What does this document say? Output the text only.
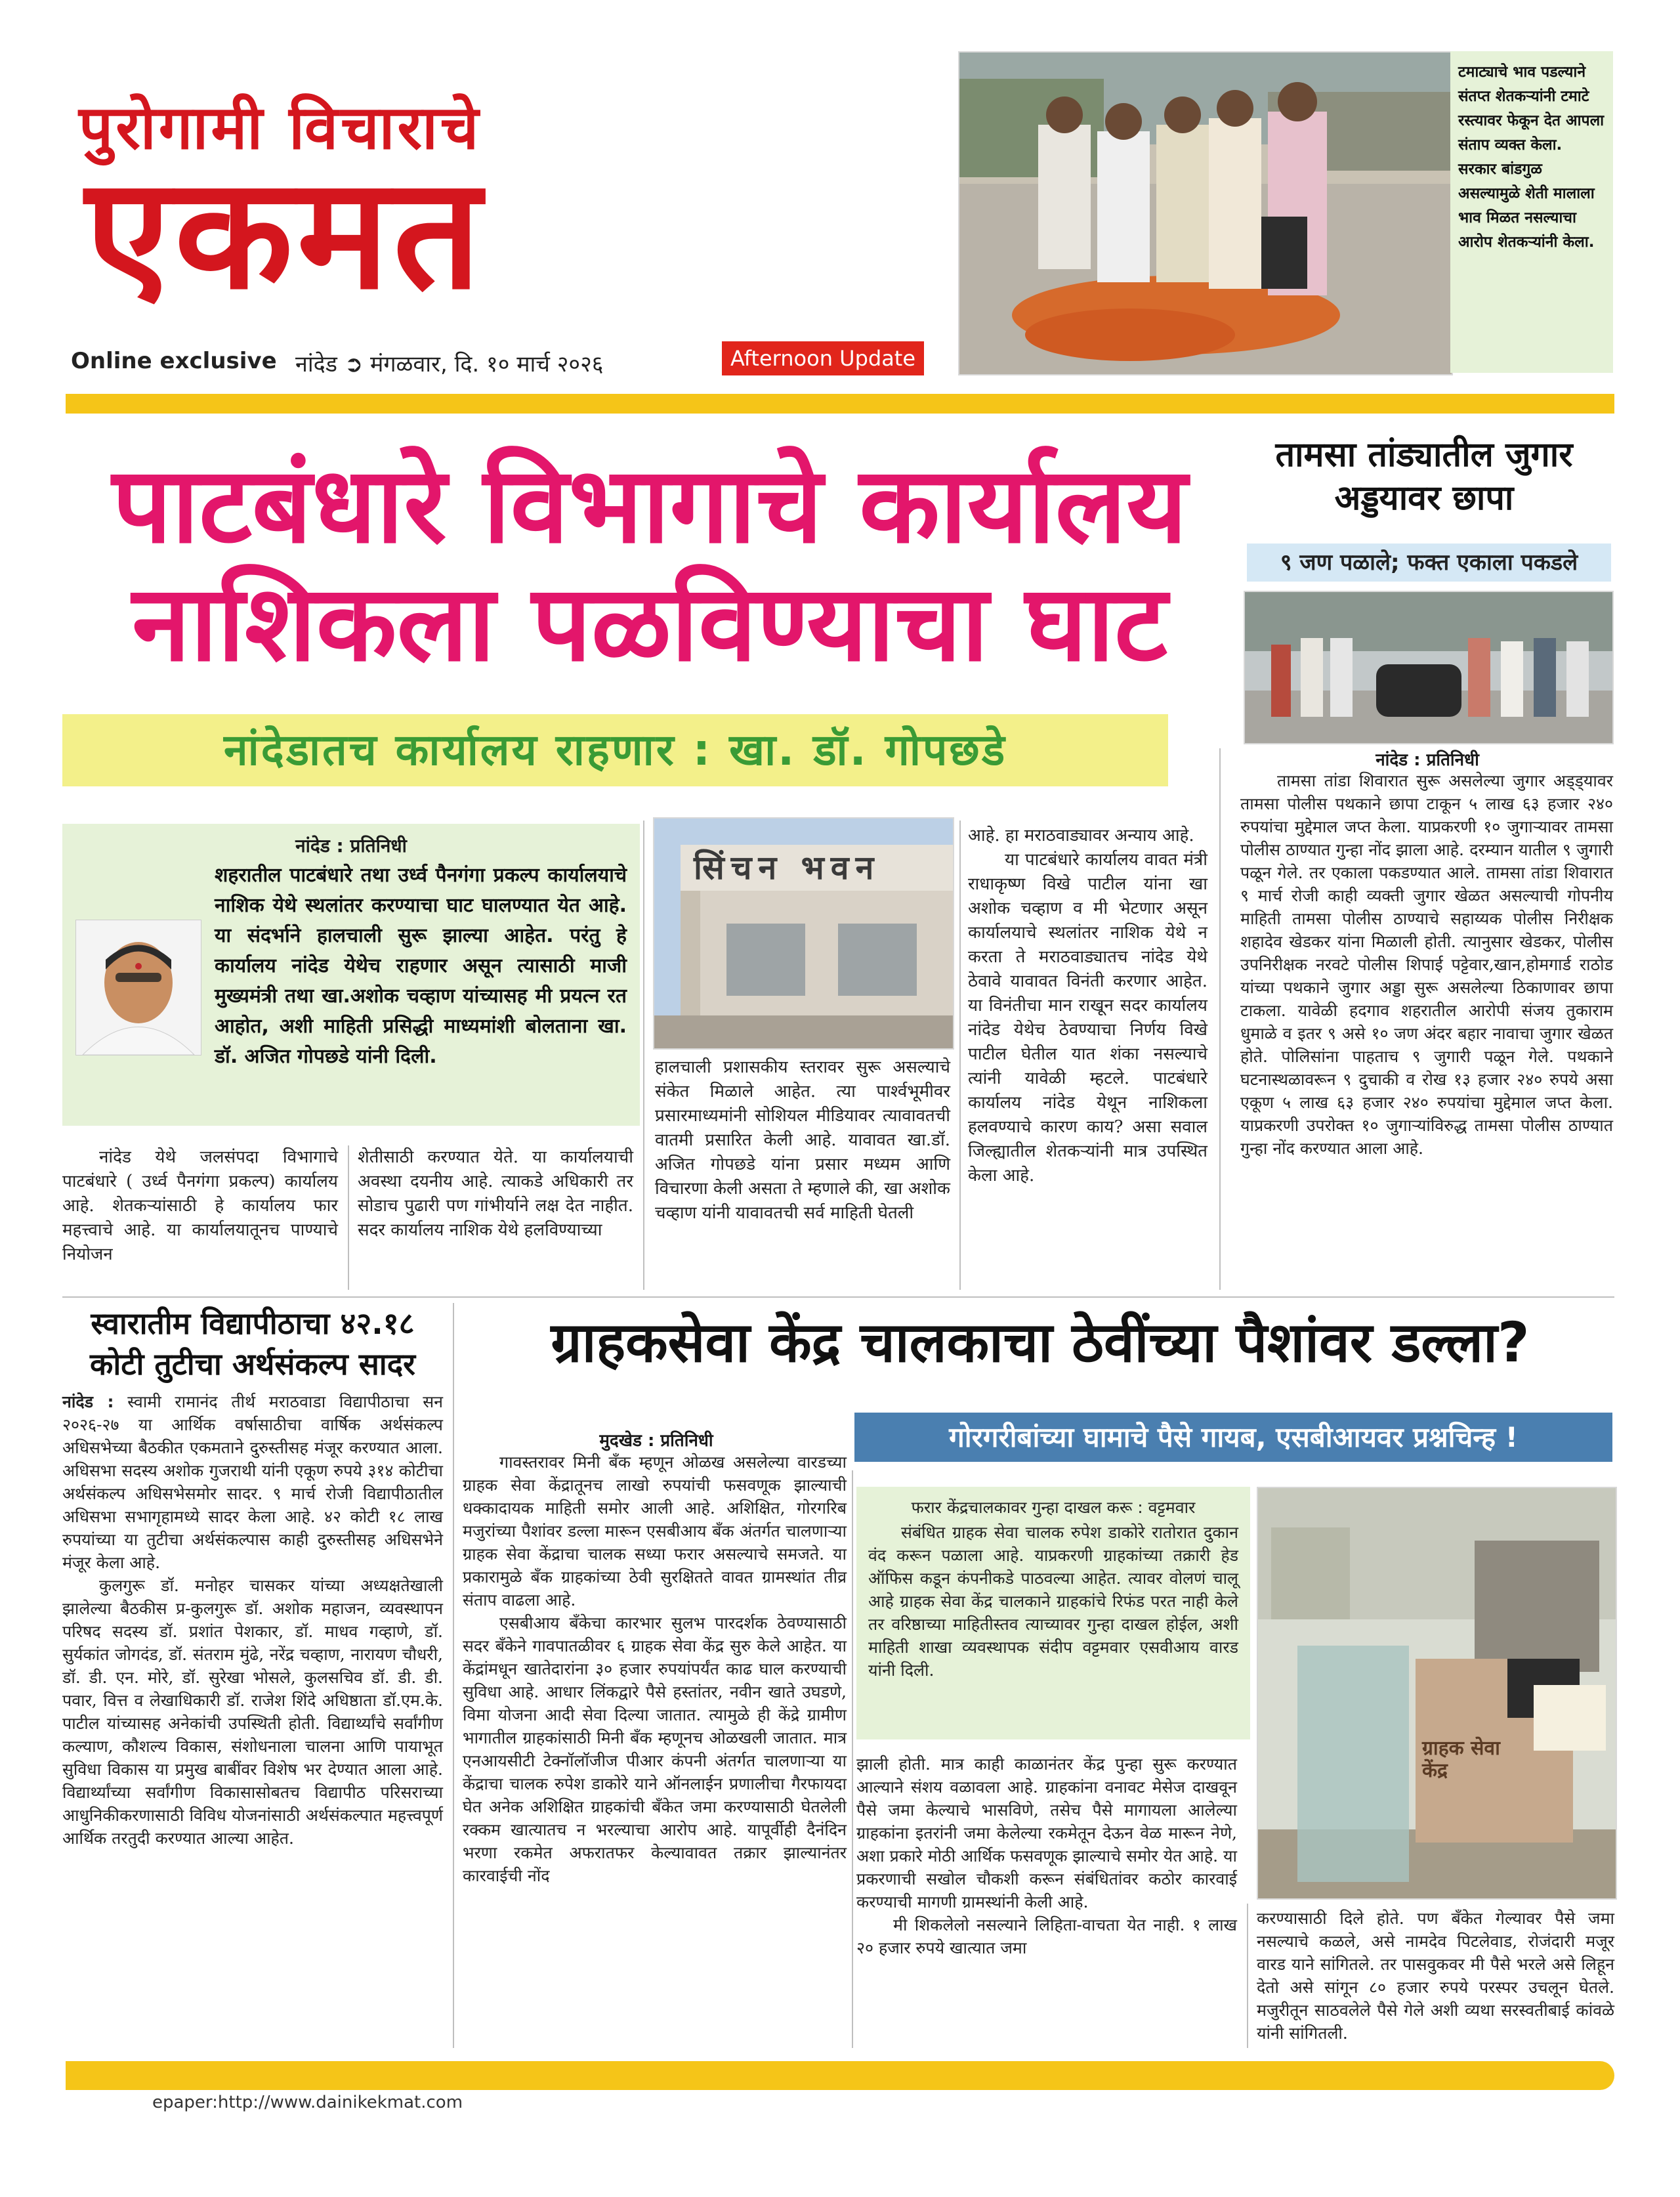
पुरोगामी विचाराचे
एकमत
Online exclusive नांदेड ➲ मंगळवार, दि. १० मार्च २०२६	Afternoon Update
टमाट्याचे भाव पडल्याने संतप्त शेतकऱ्यांनी टमाटे रस्त्यावर फेकून देत आपला संताप व्यक्त केला. सरकार बांडगुळ असल्यामुळे शेती मालाला भाव मिळत नसल्याचा आरोप शेतकऱ्यांनी केला.
पाटबंधारे विभागाचे कार्यालय
नाशिकला पळविण्याचा घाट
नांदेडातच कार्यालय राहणार : खा. डॉ. गोपछडे
नांदेड : प्रतिनिधी
शहरातील पाटबंधारे तथा उर्ध्व पैनगंगा प्रकल्प कार्यालयाचे नाशिक येथे स्थलांतर करण्याचा घाट घालण्यात येत आहे. या संदर्भाने हालचाली सुरू झाल्या आहेत. परंतु हे कार्यालय नांदेड येथेच राहणार असून त्यासाठी माजी मुख्यमंत्री तथा खा.अशोक चव्हाण यांच्यासह मी प्रयत्न रत आहोत, अशी माहिती प्रसिद्धी माध्यमांशी बोलताना खा. डॉ. अजित गोपछडे यांनी दिली.
सिंचन भवन

हालचाली प्रशासकीय स्तरावर सुरू असल्याचे संकेत मिळाले आहेत. त्या पार्श्वभूमीवर प्रसारमाध्यमांनी सोशियल मीडियावर त्यावावतची वातमी प्रसारित केली आहे. यावावत खा.डॉ. अजित गोपछडे यांना प्रसार मध्यम आणि विचारणा केली असता ते म्हणाले की, खा अशोक चव्हाण यांनी यावावतची सर्व माहिती घेतली

आहे. हा मराठवाड्यावर अन्याय आहे.

या पाटबंधारे कार्यालय वावत मंत्री राधाकृष्ण विखे पाटील यांना खा अशोक चव्हाण व मी भेटणार असून कार्यालयाचे स्थलांतर नाशिक येथे न करता ते मराठवाड्यातच नांदेड येथे ठेवावे यावावत विनंती करणार आहेत. या विनंतीचा मान राखून सदर कार्यालय नांदेड येथेच ठेवण्याचा निर्णय विखे पाटील घेतील यात शंका नसल्याचे त्यांनी यावेळी म्हटले. पाटबंधारे कार्यालय नांदेड येथून नाशिकला हलवण्याचे कारण काय? असा सवाल जिल्ह्यातील शेतकऱ्यांनी मात्र उपस्थित केला आहे.

नांदेड येथे जलसंपदा विभागाचे पाटबंधारे ( उर्ध्व पैनगंगा प्रकल्प) कार्यालय आहे. शेतकऱ्यांसाठी हे कार्यालय फार महत्त्वाचे आहे. या कार्यालयातूनच पाण्याचे नियोजन

शेतीसाठी करण्यात येते. या कार्यालयाची अवस्था दयनीय आहे. त्याकडे अधिकारी तर सोडाच पुढारी पण गांभीर्याने लक्ष देत नाहीत. सदर कार्यालय नाशिक येथे हलविण्याच्या

तामसा तांड्यातील जुगार अड्डयावर छापा
९ जण पळाले; फक्त एकाला पकडले
नांदेड : प्रतिनिधी

तामसा तांडा शिवारात सुरू असलेल्या जुगार अड्ड्यावर तामसा पोलीस पथकाने छापा टाकून ५ लाख ६३ हजार २४० रुपयांचा मुद्देमाल जप्त केला. याप्रकरणी १० जुगाऱ्यावर तामसा पोलीस ठाण्यात गुन्हा नोंद झाला आहे. दरम्यान यातील ९ जुगारी पळून गेले. तर एकाला पकडण्यात आले. तामसा तांडा शिवारात ९ मार्च रोजी काही व्यक्ती जुगार खेळत असल्याची गोपनीय माहिती तामसा पोलीस ठाण्याचे सहाय्यक पोलीस निरीक्षक शहादेव खेडकर यांना मिळाली होती. त्यानुसार खेडकर, पोलीस उपनिरीक्षक नरवटे पोलीस शिपाई पट्टेवार,खान,होमगार्ड राठोड यांच्या पथकाने जुगार अड्डा सुरू असलेल्या ठिकाणावर छापा टाकला. यावेळी हदगाव शहरातील आरोपी संजय तुकाराम धुमाळे व इतर ९ असे १० जण अंदर बहार नावाचा जुगार खेळत होते. पोलिसांना पाहताच ९ जुगारी पळून गेले. पथकाने घटनास्थळावरून ९ दुचाकी व रोख १३ हजार २४० रुपये असा एकूण ५ लाख ६३ हजार २४० रुपयांचा मुद्देमाल जप्त केला. याप्रकरणी उपरोक्त १० जुगाऱ्यांविरुद्ध तामसा पोलीस ठाण्यात गुन्हा नोंद करण्यात आला आहे.

स्वारातीम विद्यापीठाचा ४२.१८ कोटी तुटीचा अर्थसंकल्प सादर

नांदेड : स्वामी रामानंद तीर्थ मराठवाडा विद्यापीठाचा सन २०२६-२७ या आर्थिक वर्षासाठीचा वार्षिक अर्थसंकल्प अधिसभेच्या बैठकीत एकमताने दुरुस्तीसह मंजूर करण्यात आला. अधिसभा सदस्य अशोक गुजराथी यांनी एकूण रुपये ३१४ कोटीचा अर्थसंकल्प अधिसभेसमोर सादर. ९ मार्च रोजी विद्यापीठातील अधिसभा सभागृहामध्ये सादर केला आहे. ४२ कोटी १८ लाख रुपयांच्या या तुटीचा अर्थसंकल्पास काही दुरुस्तीसह अधिसभेने मंजूर केला आहे.

कुलगुरू डॉ. मनोहर चासकर यांच्या अध्यक्षतेखाली झालेल्या बैठकीस प्र-कुलगुरू डॉ. अशोक महाजन, व्यवस्थापन परिषद सदस्य डॉ. प्रशांत पेशकार, डॉ. माधव गव्हाणे, डॉ. सुर्यकांत जोगदंड, डॉ. संतराम मुंढे, नरेंद्र चव्हाण, नारायण चौधरी, डॉ. डी. एन. मोरे, डॉ. सुरेखा भोसले, कुलसचिव डॉ. डी. डी. पवार, वित्त व लेखाधिकारी डॉ. राजेश शिंदे अधिष्ठाता डॉ.एम.के. पाटील यांच्यासह अनेकांची उपस्थिती होती. विद्यार्थ्यांचे सर्वांगीण कल्याण, कौशल्य विकास, संशोधनाला चालना आणि पायाभूत सुविधा विकास या प्रमुख बाबींवर विशेष भर देण्यात आला आहे. विद्यार्थ्यांच्या सर्वांगीण विकासासोबतच विद्यापीठ परिसराच्या आधुनिकीकरणासाठी विविध योजनांसाठी अर्थसंकल्पात महत्त्वपूर्ण आर्थिक तरतुदी करण्यात आल्या आहेत.

ग्राहकसेवा केंद्र चालकाचा ठेवींच्या पैशांवर डल्ला?
गोरगरीबांच्या घामाचे पैसे गायब, एसबीआयवर प्रश्नचिन्ह !
मुदखेड : प्रतिनिधी

गावस्तरावर मिनी बँक म्हणून ओळख असलेल्या वारडच्या ग्राहक सेवा केंद्रातूनच लाखो रुपयांची फसवणूक झाल्याची धक्कादायक माहिती समोर आली आहे. अशिक्षित, गोरगरिब मजुरांच्या पैशांवर डल्ला मारून एसबीआय बँक अंतर्गत चालणाऱ्या ग्राहक सेवा केंद्राचा चालक सध्या फरार असल्याचे समजते. या प्रकारामुळे बँक ग्राहकांच्या ठेवी सुरक्षितते वावत ग्रामस्थांत तीव्र संताप वाढला आहे.

एसबीआय बँकेचा कारभार सुलभ पारदर्शक ठेवण्यासाठी सदर बँकेने गावपातळीवर ६ ग्राहक सेवा केंद्र सुरु केले आहेत. या केंद्रांमधून खातेदारांना ३० हजार रुपयांपर्यंत काढ घाल करण्याची सुविधा आहे. आधार लिंकद्वारे पैसे हस्तांतर, नवीन खाते उघडणे, विमा योजना आदी सेवा दिल्या जातात. त्यामुळे ही केंद्रे ग्रामीण भागातील ग्राहकांसाठी मिनी बँक म्हणूनच ओळखली जातात. मात्र एनआयसीटी टेक्नॉलॉजीज पीआर कंपनी अंतर्गत चालणाऱ्या या केंद्राचा चालक रुपेश डाकोरे याने ऑनलाईन प्रणालीचा गैरफायदा घेत अनेक अशिक्षित ग्राहकांची बँकेत जमा करण्यासाठी घेतलेली रक्कम खात्यातच न भरल्याचा आरोप आहे. यापूर्वीही दैनंदिन भरणा रकमेत अफरातफर केल्यावावत तक्रार झाल्यानंतर कारवाईची नोंद

फरार केंद्रचालकावर गुन्हा दाखल करू : वट्टमवार
संबंधित ग्राहक सेवा चालक रुपेश डाकोरे रातोरात दुकान वंद करून पळाला आहे. याप्रकरणी ग्राहकांच्या तक्रारी हेड ऑफिस कडून कंपनीकडे पाठवल्या आहेत. त्यावर वोलणं चालू आहे ग्राहक सेवा केंद्र चालकाने ग्राहकांचे रिफंड परत नाही केले तर वरिष्ठाच्या माहितीस्तव त्याच्यावर गुन्हा दाखल होईल, अशी माहिती शाखा व्यवस्थापक संदीप वट्टमवार एसवीआय वारड यांनी दिली.
ग्राहक सेवा केंद्र

झाली होती. मात्र काही काळानंतर केंद्र पुन्हा सुरू करण्यात आल्याने संशय वळावला आहे. ग्राहकांना वनावट मेसेज दाखवून पैसे जमा केल्याचे भासविणे, तसेच पैसे मागायला आलेल्या ग्राहकांना इतरांनी जमा केलेल्या रकमेतून देऊन वेळ मारून नेणे, अशा प्रकारे मोठी आर्थिक फसवणूक झाल्याचे समोर येत आहे. या प्रकरणाची सखोल चौकशी करून संबंधितांवर कठोर कारवाई करण्याची मागणी ग्रामस्थांनी केली आहे.

मी शिकलेलो नसल्याने लिहिता-वाचता येत नाही. १ लाख २० हजार रुपये खात्यात जमा

करण्यासाठी दिले होते. पण बँकेत गेल्यावर पैसे जमा नसल्याचे कळले, असे नामदेव पिटलेवाड, रोजंदारी मजूर वारड याने सांगितले. तर पासवुकवर मी पैसे भरले असे लिहून देतो असे सांगून ८० हजार रुपये परस्पर उचलून घेतले. मजुरीतून साठवलेले पैसे गेले अशी व्यथा सरस्वतीबाई कांवळे यांनी सांगितली.

epaper:http://www.dainikekmat.com
